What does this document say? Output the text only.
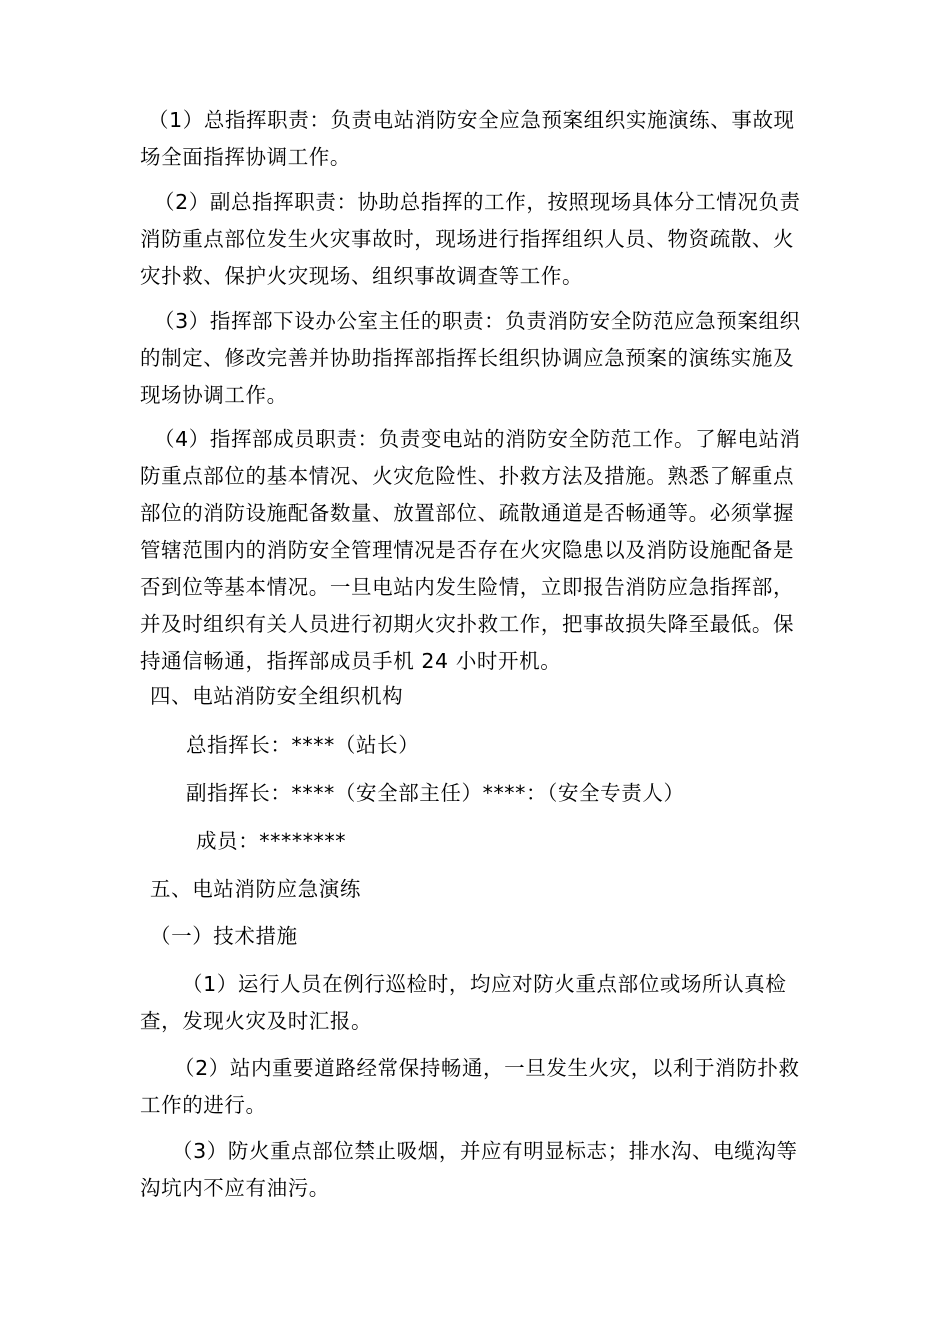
（1）总指挥职责：负责电站消防安全应急预案组织实施演练、事故现场全面指挥协调工作。

（2）副总指挥职责：协助总指挥的工作，按照现场具体分工情况负责消防重点部位发生火灾事故时，现场进行指挥组织人员、物资疏散、火灾扑救、保护火灾现场、组织事故调查等工作。

（3）指挥部下设办公室主任的职责：负责消防安全防范应急预案组织的制定、修改完善并协助指挥部指挥长组织协调应急预案的演练实施及现场协调工作。

（4）指挥部成员职责：负责变电站的消防安全防范工作。了解电站消防重点部位的基本情况、火灾危险性、扑救方法及措施。熟悉了解重点部位的消防设施配备数量、放置部位、疏散通道是否畅通等。必须掌握管辖范围内的消防安全管理情况是否存在火灾隐患以及消防设施配备是否到位等基本情况。一旦电站内发生险情，立即报告消防应急指挥部，并及时组织有关人员进行初期火灾扑救工作，把事故损失降至最低。保持通信畅通，指挥部成员手机 24 小时开机。

四、电站消防安全组织机构

总指挥长：****（站长）

副指挥长：****（安全部主任）****：（安全专责人）

成员：********

五、电站消防应急演练

（一）技术措施

（1）运行人员在例行巡检时，均应对防火重点部位或场所认真检查，发现火灾及时汇报。

（2）站内重要道路经常保持畅通，一旦发生火灾，以利于消防扑救工作的进行。

（3）防火重点部位禁止吸烟，并应有明显标志；排水沟、电缆沟等沟坑内不应有油污。
